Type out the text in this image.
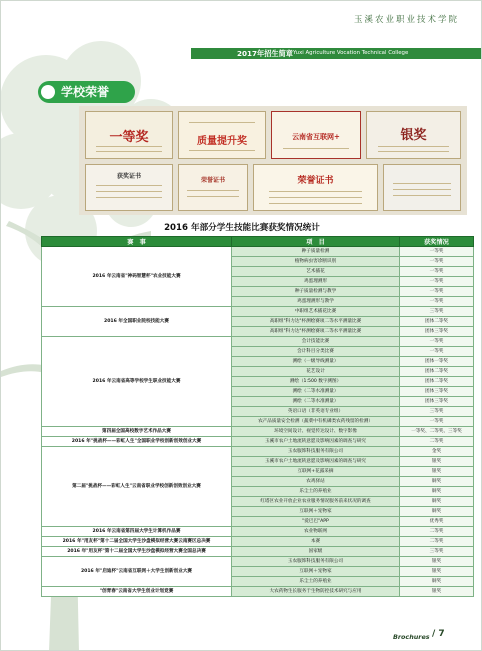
玉溪农业职业技术学院
2017年招生简章 Yuxi Agriculture Vocation Technical College
学校荣誉
一等奖	质量提升奖	云南省互联网+	银奖
获奖证书
荣誉证书	荣誉证书
2016 年部分学生技能比赛获奖情况统计
赛　事	项　目	获奖情况
2016 年云南省"神码智慧杯"农业技能大赛	种子质量检测	一等奖
	植物病虫害诊断识别	一等奖
	艺术插花	一等奖
	鸡蛋理测形	一等奖
	种子质量检测与教学	一等奖
	鸡蛋理测形与教学	一等奖
2016 年全国职业院校技能大赛	中职组艺术插花比赛	三等奖
	高职组"科力达"杯测绘赛项二等水平测量比赛	团体二等奖
	高职组"科力达"杯测绘赛项二等水平测量比赛	团体三等奖
2016 年云南省高等学校学生职业技能大赛	会计技能比赛	一等奖
	会计科目分类比赛	一等奖
	测绘（一级导线测量）	团体一等奖
	花艺设计	团体二等奖
	测绘（1:500 数字测图）	团体二等奖
	测绘（二等水准测量）	团体三等奖
	测绘（二等水准测量）	团体三等奖
	英语口语（非英语专业组）	三等奖
	农产品质量安全检测（蔬菜中有机磷类农药残留的检测）	一等奖
第四届全国高校数字艺术作品大赛	环境空间设计、视觉传达设计、数字影像	一等奖、二等奖、三等奖
2016 年"挑战杯——彩虹人生"全国职业学校创新创效创业大赛	玉溪市农户土地流转意愿及影响因素的调查与研究	二等奖
第二届"挑战杯——彩虹人生"云南省职业学校创新创效创业大赛	玉农服饰科技服务有限公司	金奖
	玉溪市农户土地流转意愿及影响因素的调查与研究	银奖
	互联网+花露采摘	银奖
	农鸡驿站	铜奖
	乐尘土的养殖业	铜奖
	红塔区农业开放企业农业服务情况服务前来状况的调查	铜奖
	互联网＋宠物家	铜奖
	"爱巴巴"APP	优秀奖
2016 年云南省第四届大学生计算机作品赛	农业物联网	二等奖
2016 年"用友杯"第十二届全国大学生沙盘模拟经营大赛云南赛区总决赛	本赛	二等奖
2016 年"用友杯"第十二届全国大学生沙盘模拟经营大赛全国总决赛	国家级	三等奖
2016 年"启迪杯"云南省互联网＋大学生创新创业大赛	玉农服饰科技服务有限公司	银奖
	互联网＋宠物家	银奖
	乐尘土的养殖业	铜奖
"创青春"云南省大学生创业计划竞赛	大农药物生长服务于生物防控技术研究与应用	银奖
Brochures / 7
